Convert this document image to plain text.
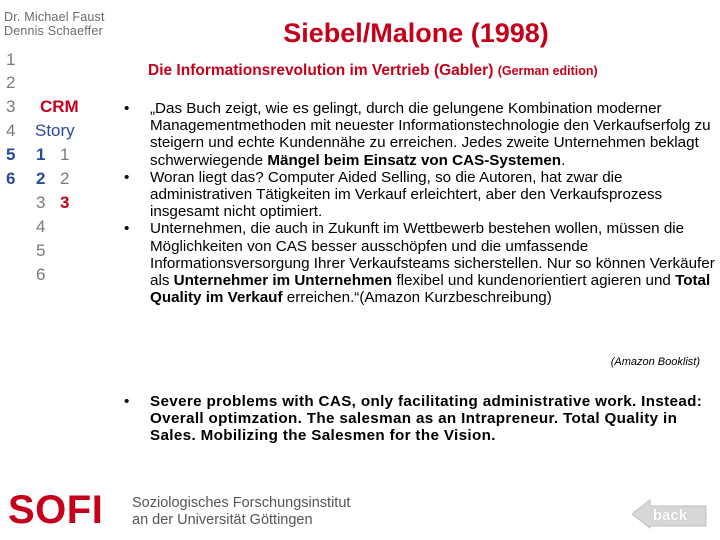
Dr. Michael Faust
Dennis Schaeffer	Siebel/Malone (1998)
Die Informationsrevolution im Vertrieb (Gabler) (German edition)
1
2
3
4
5
6
CRM
Story
1
2
3
4
5
6
1
2
3
• „Das Buch zeigt, wie es gelingt, durch die gelungene Kombination moderner Managementmethoden mit neuester Informationstechnologie den Verkaufserfolg zu steigern und echte Kundennähe zu erreichen. Jedes zweite Unternehmen beklagt schwerwiegende Mängel beim Einsatz von CAS-Systemen.
• Woran liegt das? Computer Aided Selling, so die Autoren, hat zwar die administrativen Tätigkeiten im Verkauf erleichtert, aber den Verkaufsprozess insgesamt nicht optimiert.
• Unternehmen, die auch in Zukunft im Wettbewerb bestehen wollen, müssen die Möglichkeiten von CAS besser ausschöpfen und die umfassende Informationsversorgung Ihrer Verkaufsteams sicherstellen. Nur so können Verkäufer als Unternehmer im Unternehmen flexibel und kundenorientiert agieren und Total Quality im Verkauf erreichen.“(Amazon Kurzbeschreibung)
(Amazon Booklist)
• Severe problems with CAS, only facilitating administrative work. Instead: Overall optimzation. The salesman as an Intrapreneur. Total Quality in Sales. Mobilizing the Salesmen for the Vision.
SOFI Soziologisches Forschungsinstitut
an der Universität Göttingen	back
